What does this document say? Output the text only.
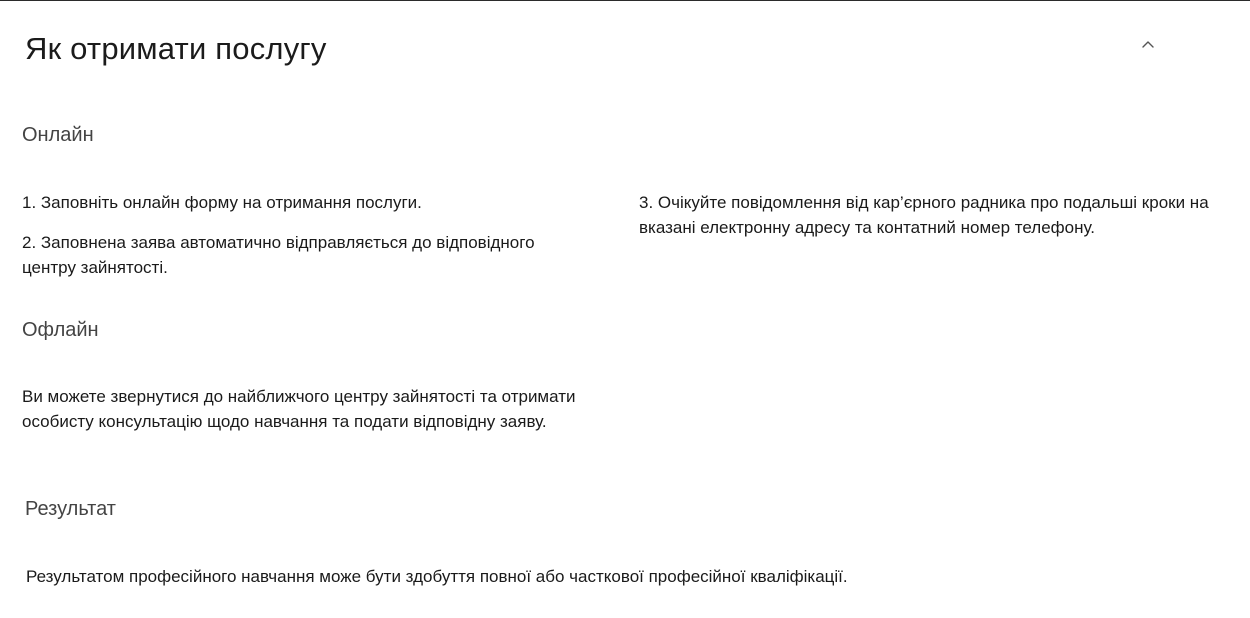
Як отримати послугу
Онлайн

1. Заповніть онлайн форму на отримання послуги.

2. Заповнена заява автоматично відправляється до відповідного центру зайнятості.

3. Очікуйте повідомлення від кар’єрного радника про подальші кроки на вказані електронну адресу та контатний номер телефону.

Офлайн

Ви можете звернутися до найближчого центру зайнятості та отримати особисту консультацію щодо навчання та подати відповідну заяву.

Результат

Результатом професійного навчання може бути здобуття повної або часткової професійної кваліфікації.
